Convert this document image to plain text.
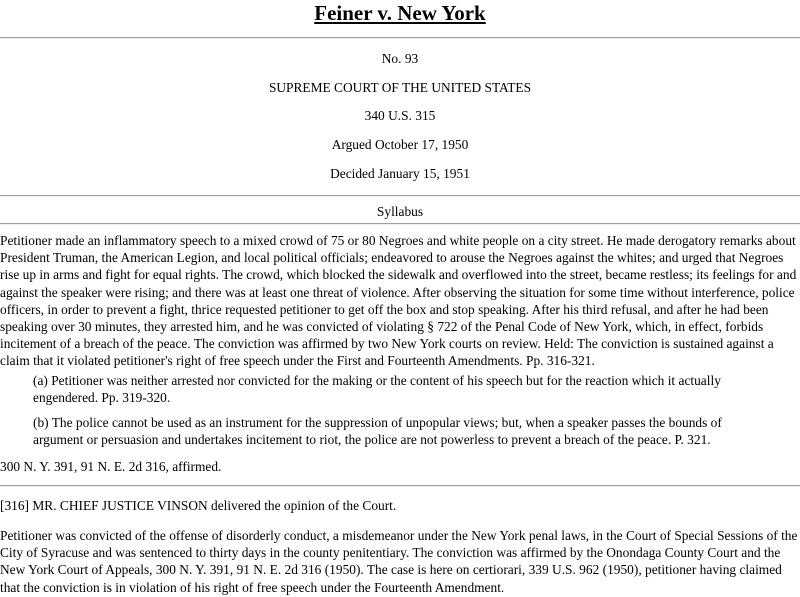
Feiner v. New York
No. 93
SUPREME COURT OF THE UNITED STATES
340 U.S. 315
Argued October 17, 1950
Decided January 15, 1951
Syllabus

Petitioner made an inflammatory speech to a mixed crowd of 75 or 80 Negroes and white people on a city street. He made derogatory remarks about President Truman, the American Legion, and local political officials; endeavored to arouse the Negroes against the whites; and urged that Negroes rise up in arms and fight for equal rights. The crowd, which blocked the sidewalk and overflowed into the street, became restless; its feelings for and against the speaker were rising; and there was at least one threat of violence. After observing the situation for some time without interference, police officers, in order to prevent a fight, thrice requested petitioner to get off the box and stop speaking. After his third refusal, and after he had been speaking over 30 minutes, they arrested him, and he was convicted of violating § 722 of the Penal Code of New York, which, in effect, forbids incitement of a breach of the peace. The conviction was affirmed by two New York courts on review. Held: The conviction is sustained against a claim that it violated petitioner's right of free speech under the First and Fourteenth Amendments. Pp. 316-321.

(a) Petitioner was neither arrested nor convicted for the making or the content of his speech but for the reaction which it actually engendered. Pp. 319-320.

(b) The police cannot be used as an instrument for the suppression of unpopular views; but, when a speaker passes the bounds of argument or persuasion and undertakes incitement to riot, the police are not powerless to prevent a breach of the peace. P. 321.

300 N. Y. 391, 91 N. E. 2d 316, affirmed.

[316] MR. CHIEF JUSTICE VINSON delivered the opinion of the Court.

Petitioner was convicted of the offense of disorderly conduct, a misdemeanor under the New York penal laws, in the Court of Special Sessions of the City of Syracuse and was sentenced to thirty days in the county penitentiary. The conviction was affirmed by the Onondaga County Court and the New York Court of Appeals, 300 N. Y. 391, 91 N. E. 2d 316 (1950). The case is here on certiorari, 339 U.S. 962 (1950), petitioner having claimed that the conviction is in violation of his right of free speech under the Fourteenth Amendment.
